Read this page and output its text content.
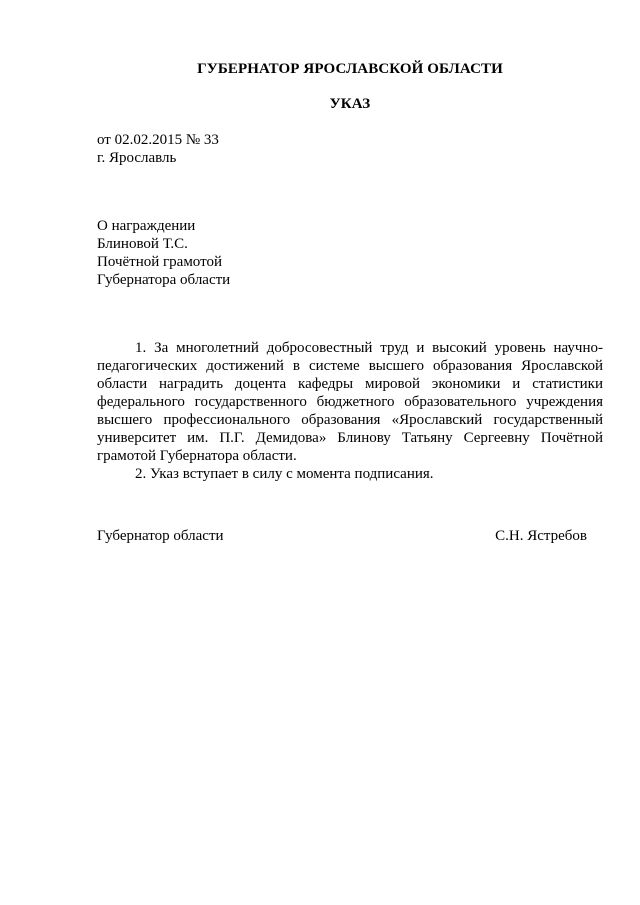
ГУБЕРНАТОР ЯРОСЛАВСКОЙ ОБЛАСТИ
УКАЗ
от 02.02.2015 № 33
г. Ярославль
О награждении
Блиновой Т.С.
Почётной грамотой
Губернатора области

1. За многолетний добросовестный труд и высокий уровень научно-педагогических достижений в системе высшего образования Ярославской области наградить доцента кафедры мировой экономики и статистики федерального государственного бюджетного образовательного учреждения высшего профессионального образования «Ярославский государственный университет им. П.Г. Демидова» Блинову Татьяну Сергеевну Почётной грамотой Губернатора области.

2. Указ вступает в силу с момента подписания.

Губернатор области	С.Н. Ястребов
